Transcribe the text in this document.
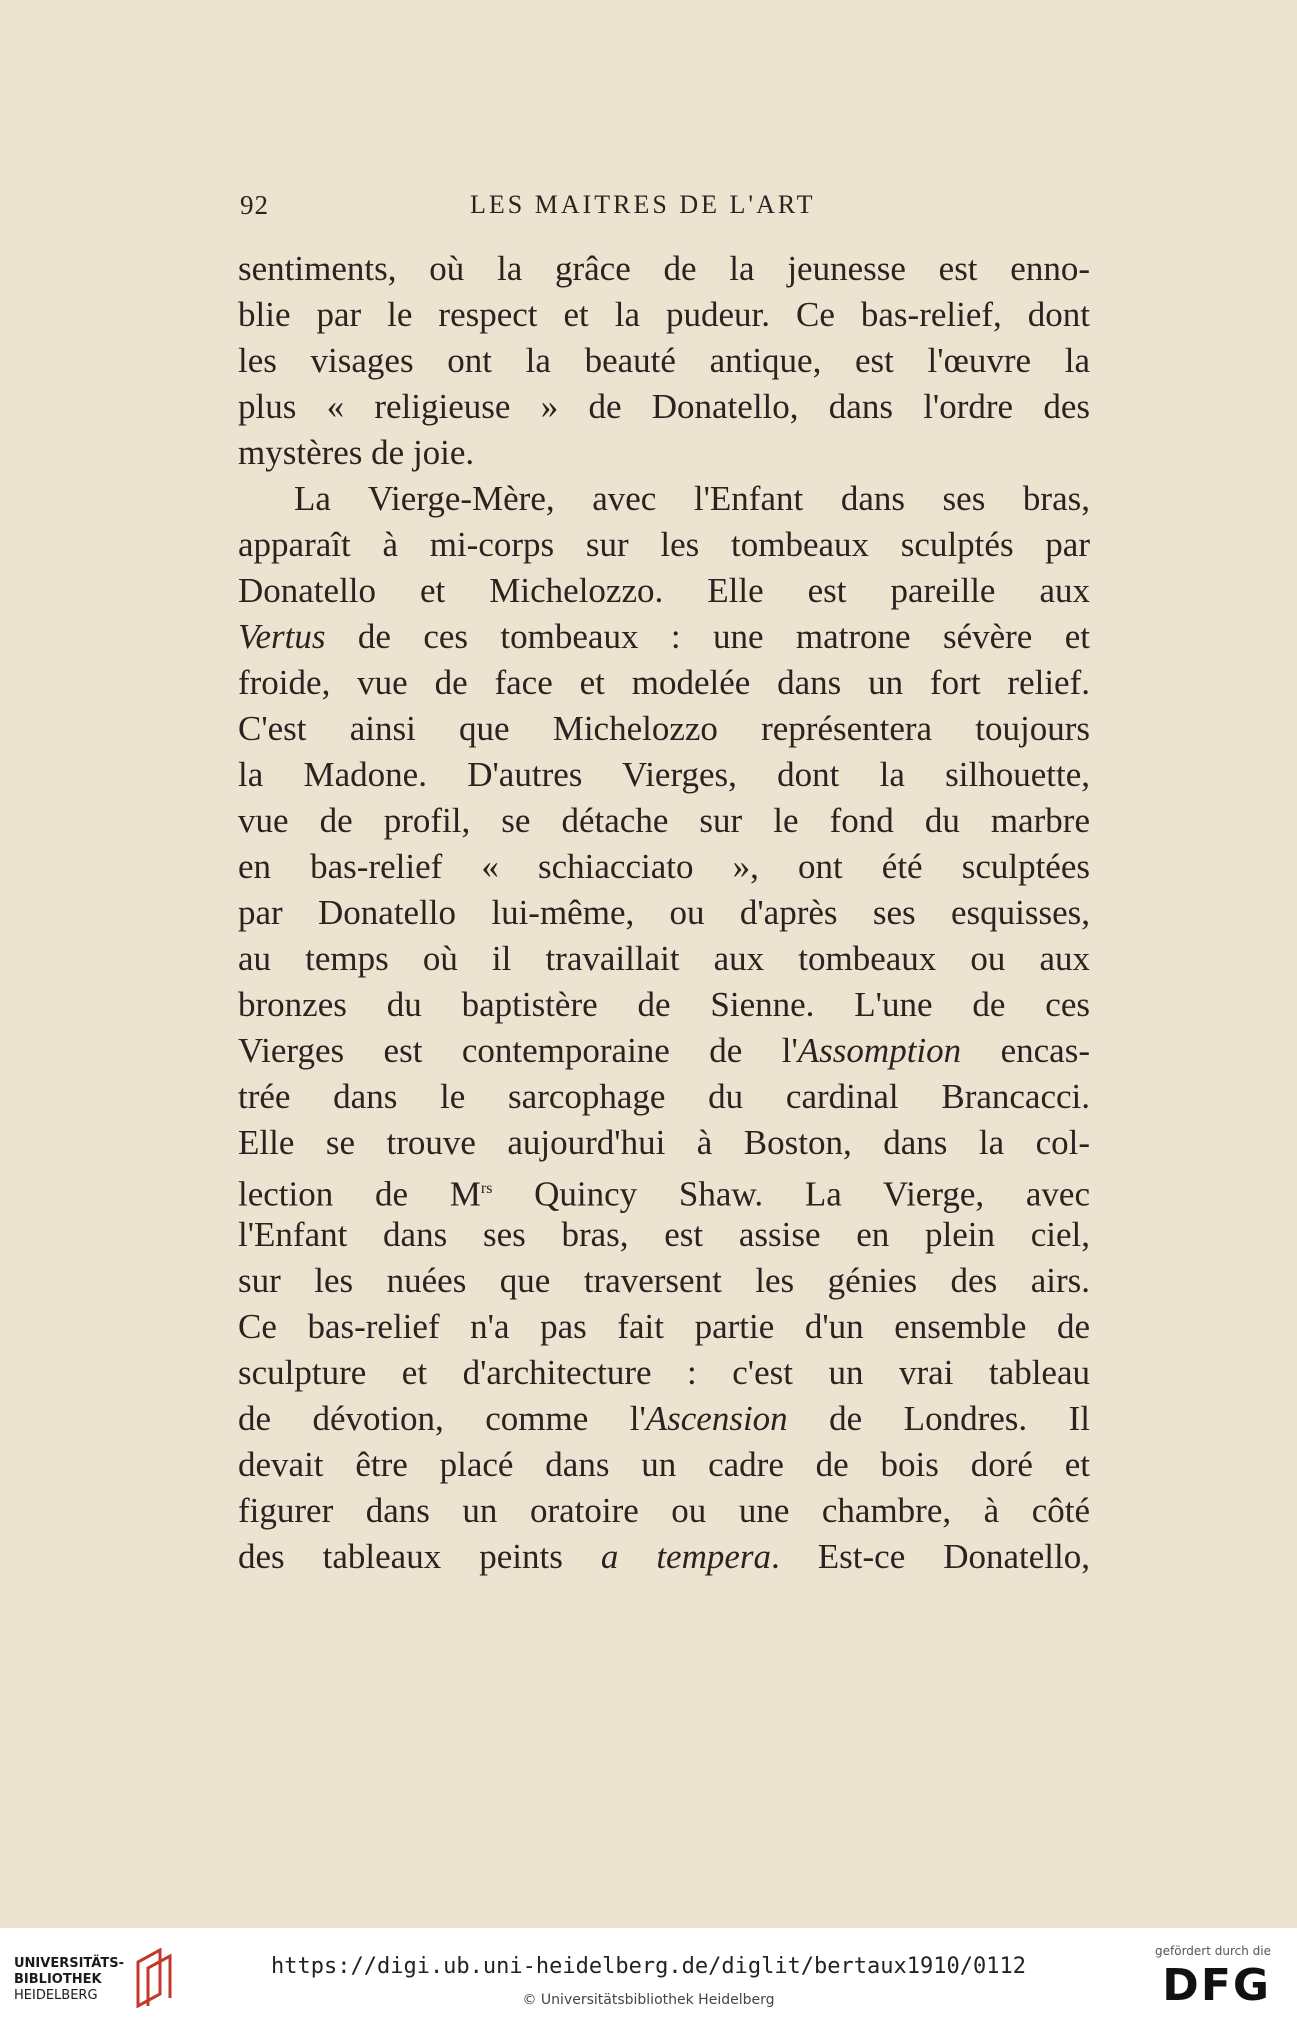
92	LES MAITRES DE L'ART
sentiments, où la grâce de la jeunesse est enno-
blie par le respect et la pudeur. Ce bas-relief, dont
les visages ont la beauté antique, est l'œuvre la
plus « religieuse » de Donatello, dans l'ordre des
mystères de joie.
La Vierge-Mère, avec l'Enfant dans ses bras,
apparaît à mi-corps sur les tombeaux sculptés par
Donatello et Michelozzo. Elle est pareille aux
Vertus de ces tombeaux : une matrone sévère et
froide, vue de face et modelée dans un fort relief.
C'est ainsi que Michelozzo représentera toujours
la Madone. D'autres Vierges, dont la silhouette,
vue de profil, se détache sur le fond du marbre
en bas-relief « schiacciato », ont été sculptées
par Donatello lui-même, ou d'après ses esquisses,
au temps où il travaillait aux tombeaux ou aux
bronzes du baptistère de Sienne. L'une de ces
Vierges est contemporaine de l'Assomption encas-
trée dans le sarcophage du cardinal Brancacci.
Elle se trouve aujourd'hui à Boston, dans la col-
lection de $M^{rs}$ Quincy Shaw. La Vierge, avec
l'Enfant dans ses bras, est assise en plein ciel,
sur les nuées que traversent les génies des airs.
Ce bas-relief n'a pas fait partie d'un ensemble de
sculpture et d'architecture : c'est un vrai tableau
de dévotion, comme l'Ascension de Londres. Il
devait être placé dans un cadre de bois doré et
figurer dans un oratoire ou une chambre, à côté
des tableaux peints a tempera. Est-ce Donatello,
UNIVERSITÄTS-
BIBLIOTHEK
HEIDELBERG
https://digi.ub.uni-heidelberg.de/diglit/bertaux1910/0112
© Universitätsbibliothek Heidelberg
gefördert durch die
DFG
